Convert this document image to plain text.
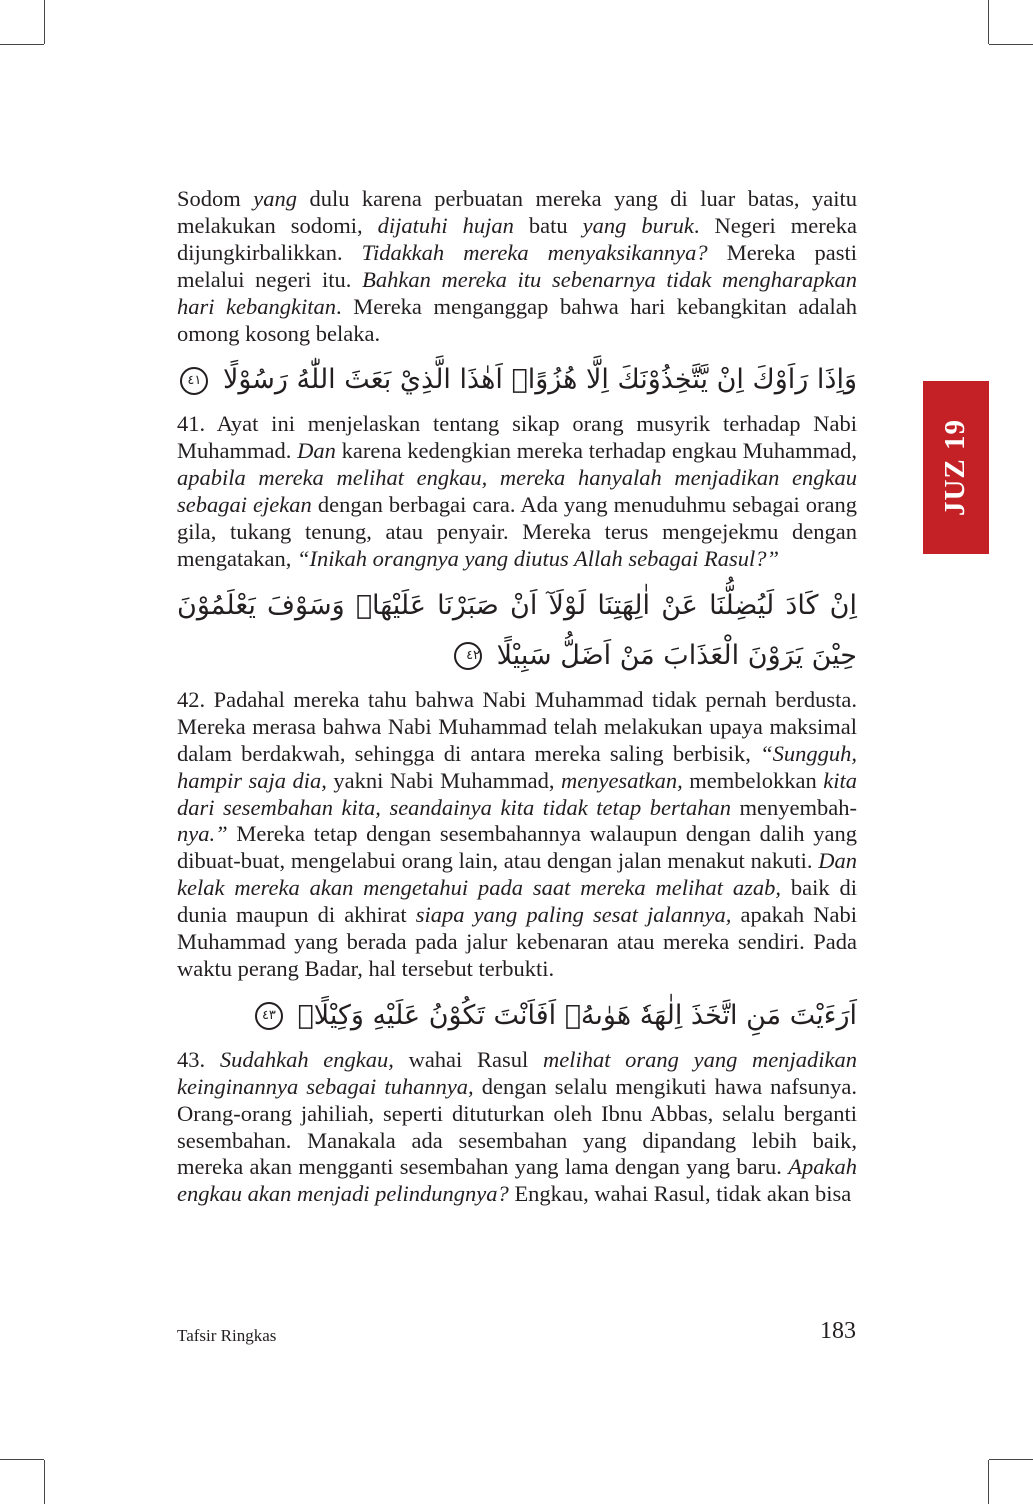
Sodom yang dulu karena perbuatan mereka yang di luar batas, yaitu melakukan sodomi, dijatuhi hujan batu yang buruk. Negeri mereka dijungkirbalikkan. Tidakkah mereka menyaksikannya? Mereka pasti melalui negeri itu. Bahkan mereka itu sebenarnya tidak mengharapkan hari kebangkitan. Mereka menganggap bahwa hari kebangkitan adalah omong kosong belaka.

وَاِذَا رَاَوْكَ اِنْ يَّتَّخِذُوْنَكَ اِلَّا هُزُوًاۗ اَهٰذَا الَّذِيْ بَعَثَ اللّٰهُ رَسُوْلًا ٤١

41. Ayat ini menjelaskan tentang sikap orang musyrik terhadap Nabi Muhammad. Dan karena kedengkian mereka terhadap engkau Muhammad, apabila mereka melihat engkau, mereka hanyalah menjadikan engkau sebagai ejekan dengan berbagai cara. Ada yang menuduhmu sebagai orang gila, tukang tenung, atau penyair. Mereka terus mengejekmu dengan mengatakan, “Inikah orangnya yang diutus Allah sebagai Rasul?”

اِنْ كَادَ لَيُضِلُّنَا عَنْ اٰلِهَتِنَا لَوْلَآ اَنْ صَبَرْنَا عَلَيْهَاۗ وَسَوْفَ يَعْلَمُوْنَ حِيْنَ يَرَوْنَ الْعَذَابَ مَنْ اَضَلُّ سَبِيْلًا ٤٢

42. Padahal mereka tahu bahwa Nabi Muhammad tidak pernah berdusta. Mereka merasa bahwa Nabi Muhammad telah melakukan upaya maksimal dalam berdakwah, sehingga di antara mereka saling berbisik, “Sungguh, hampir saja dia, yakni Nabi Muhammad, menyesatkan, membelokkan kita dari sesembahan kita, seandainya kita tidak tetap bertahan menyembah-nya.” Mereka tetap dengan sesembahannya walaupun dengan dalih yang dibuat-buat, mengelabui orang lain, atau dengan jalan menakut nakuti. Dan kelak mereka akan mengetahui pada saat mereka melihat azab, baik di dunia maupun di akhirat siapa yang paling sesat jalannya, apakah Nabi Muhammad yang berada pada jalur kebenaran atau mereka sendiri. Pada waktu perang Badar, hal tersebut terbukti.

اَرَءَيْتَ مَنِ اتَّخَذَ اِلٰهَهٗ هَوٰىهُۗ اَفَاَنْتَ تَكُوْنُ عَلَيْهِ وَكِيْلًاۙ ٤٣

43. Sudahkah engkau, wahai Rasul melihat orang yang menjadikan keinginannya sebagai tuhannya, dengan selalu mengikuti hawa nafsunya. Orang-orang jahiliah, seperti dituturkan oleh Ibnu Abbas, selalu berganti sesembahan. Manakala ada sesembahan yang dipandang lebih baik, mereka akan mengganti sesembahan yang lama dengan yang baru. Apakah engkau akan menjadi pelindungnya? Engkau, wahai Rasul, tidak akan bisa

JUZ 19
Tafsir Ringkas	183
